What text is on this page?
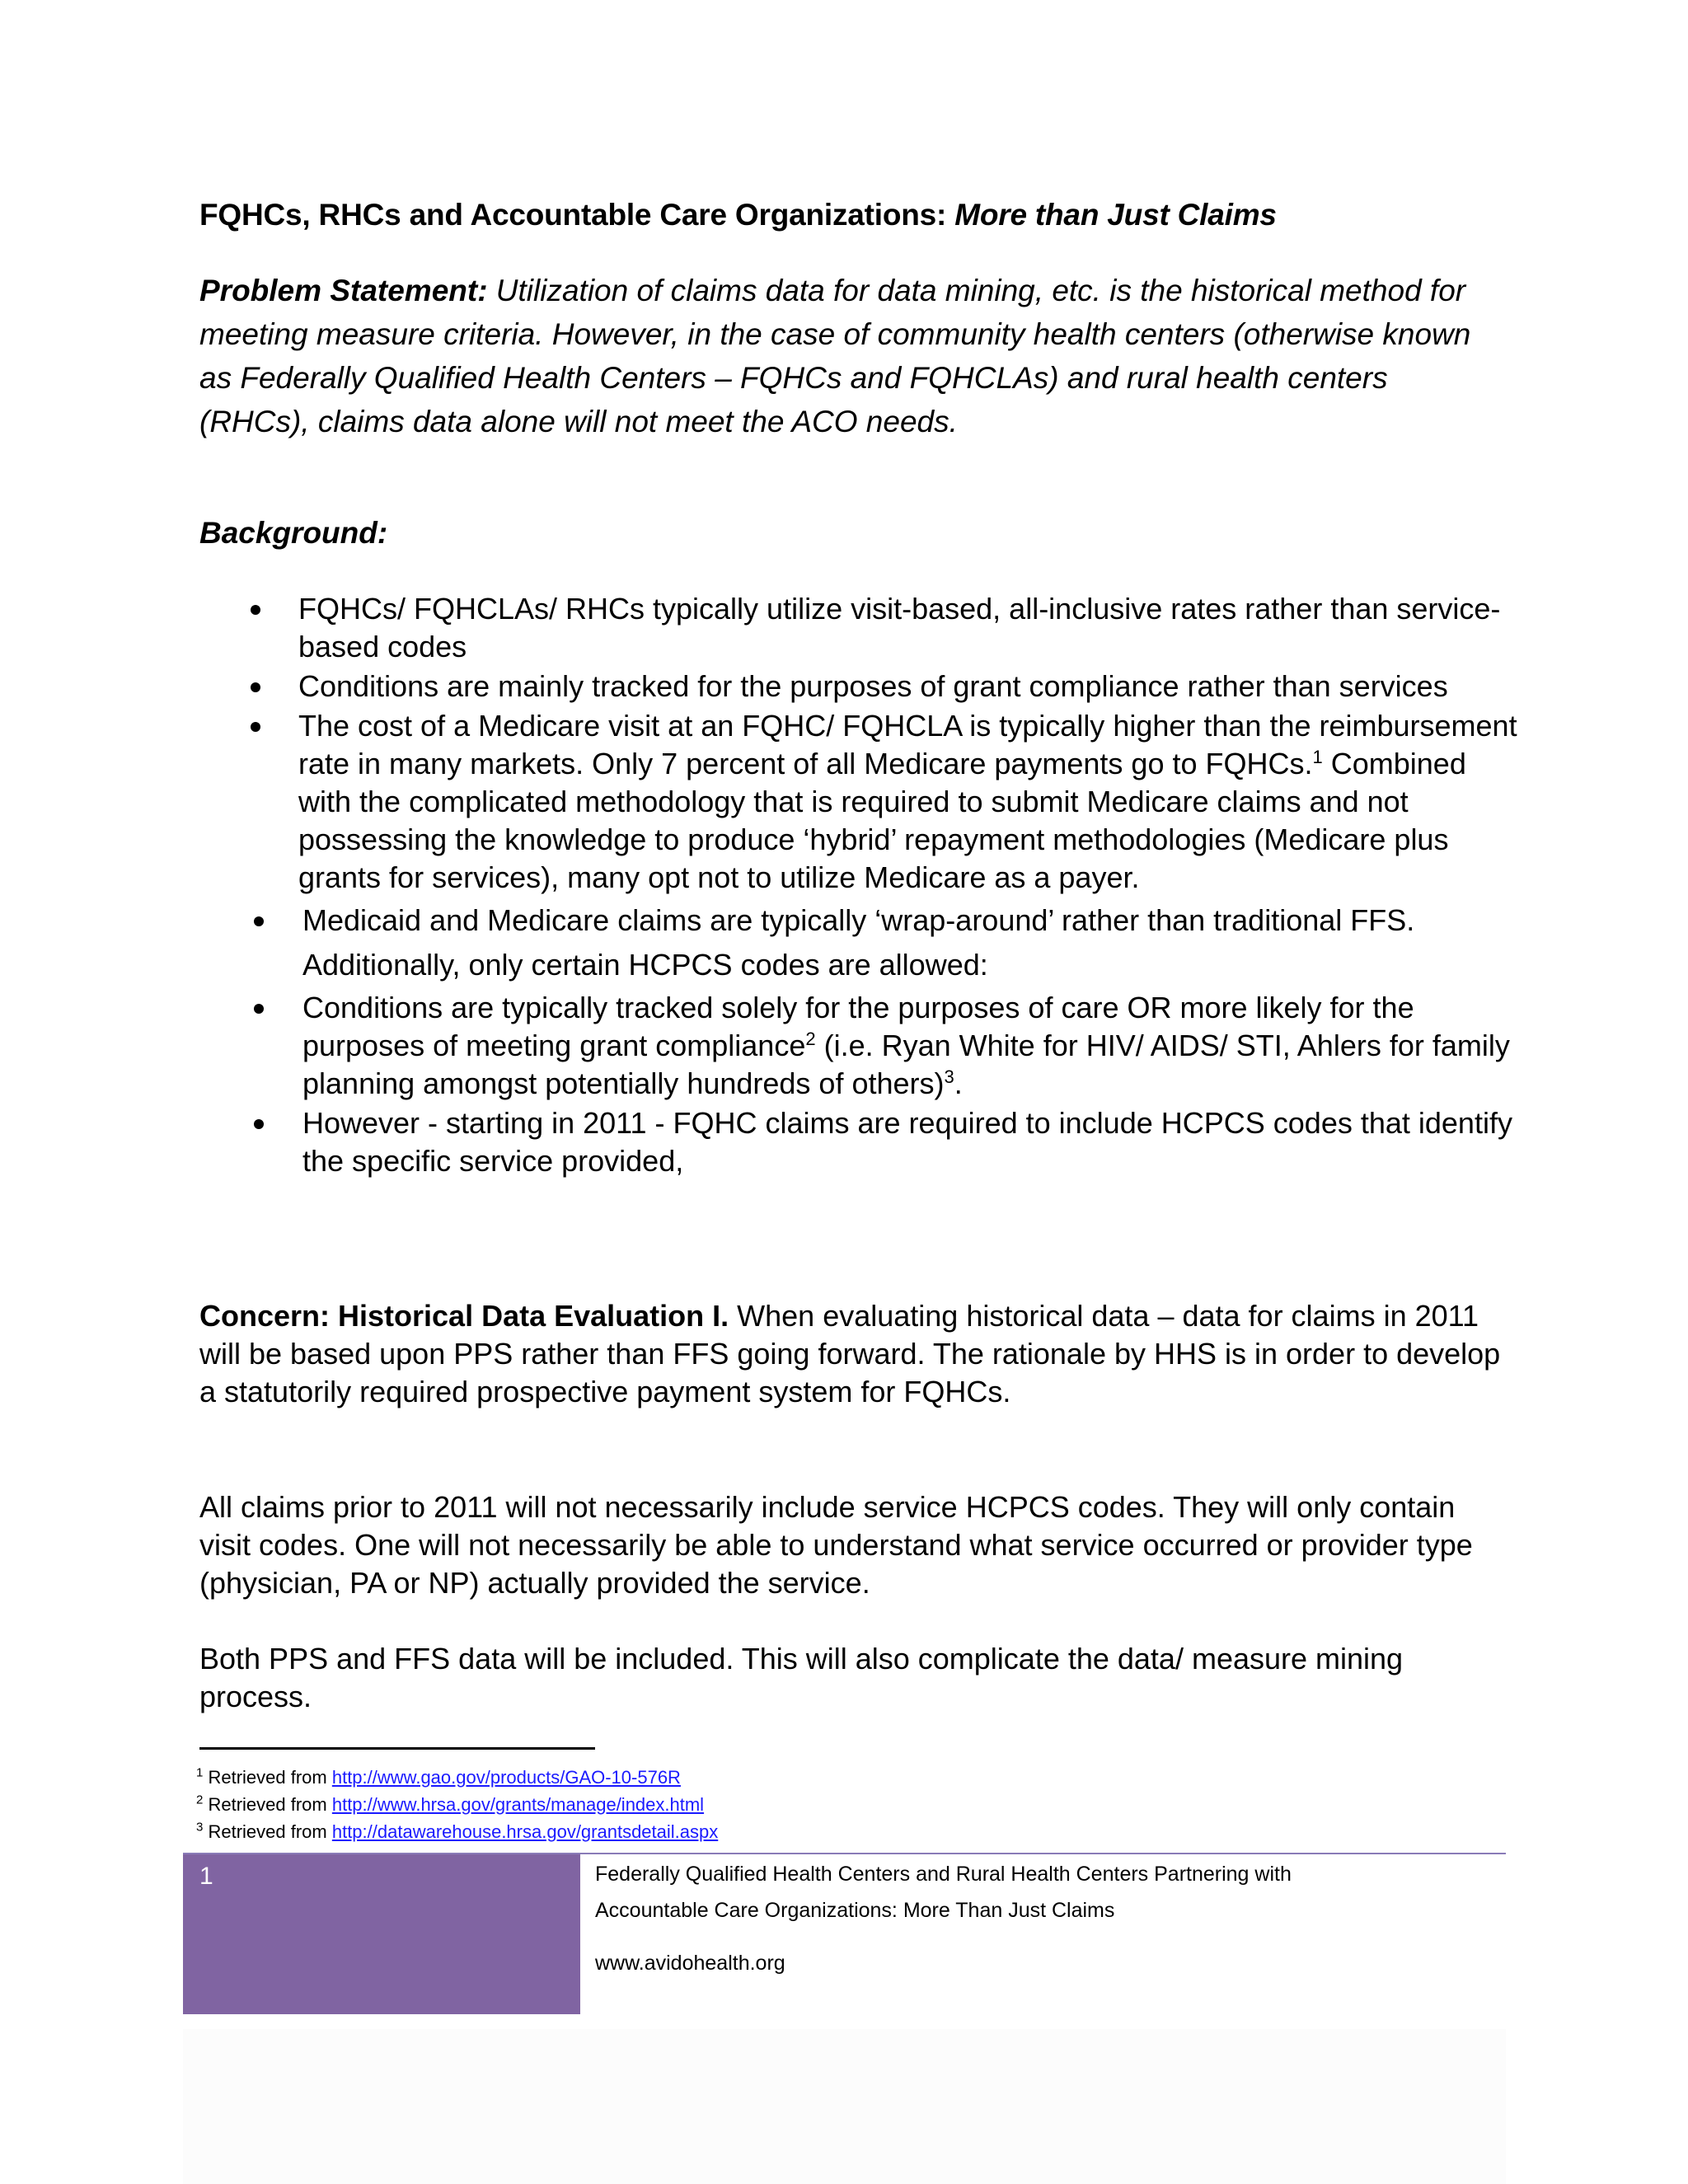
FQHCs, RHCs and Accountable Care Organizations: More than Just Claims
Problem Statement: Utilization of claims data for data mining, etc. is the historical method for meeting measure criteria. However, in the case of community health centers (otherwise known as Federally Qualified Health Centers – FQHCs and FQHCLAs) and rural health centers (RHCs), claims data alone will not meet the ACO needs.
Background:
FQHCs/ FQHCLAs/ RHCs typically utilize visit-based, all-inclusive rates rather than service-based codes
Conditions are mainly tracked for the purposes of grant compliance rather than services
The cost of a Medicare visit at an FQHC/ FQHCLA is typically higher than the reimbursement rate in many markets. Only 7 percent of all Medicare payments go to FQHCs.$^1$ Combined with the complicated methodology that is required to submit Medicare claims and not possessing the knowledge to produce ‘hybrid’ repayment methodologies (Medicare plus grants for services), many opt not to utilize Medicare as a payer.
Medicaid and Medicare claims are typically ‘wrap-around’ rather than traditional FFS. Additionally, only certain HCPCS codes are allowed:
Conditions are typically tracked solely for the purposes of care OR more likely for the purposes of meeting grant compliance$^2$ (i.e. Ryan White for HIV/ AIDS/ STI, Ahlers for family planning amongst potentially hundreds of others)$^3$.
However - starting in 2011 - FQHC claims are required to include HCPCS codes that identify the specific service provided,
Concern: Historical Data Evaluation I. When evaluating historical data – data for claims in 2011 will be based upon PPS rather than FFS going forward. The rationale by HHS is in order to develop a statutorily required prospective payment system for FQHCs.
All claims prior to 2011 will not necessarily include service HCPCS codes. They will only contain visit codes. One will not necessarily be able to understand what service occurred or provider type (physician, PA or NP) actually provided the service.
Both PPS and FFS data will be included. This will also complicate the data/ measure mining process.
$^1$ Retrieved from http://www.gao.gov/products/GAO-10-576R
$^2$ Retrieved from http://www.hrsa.gov/grants/manage/index.html
$^3$ Retrieved from http://datawarehouse.hrsa.gov/grantsdetail.aspx
1	Federally Qualified Health Centers and Rural Health Centers Partnering with
Accountable Care Organizations: More Than Just Claims
www.avidohealth.org
